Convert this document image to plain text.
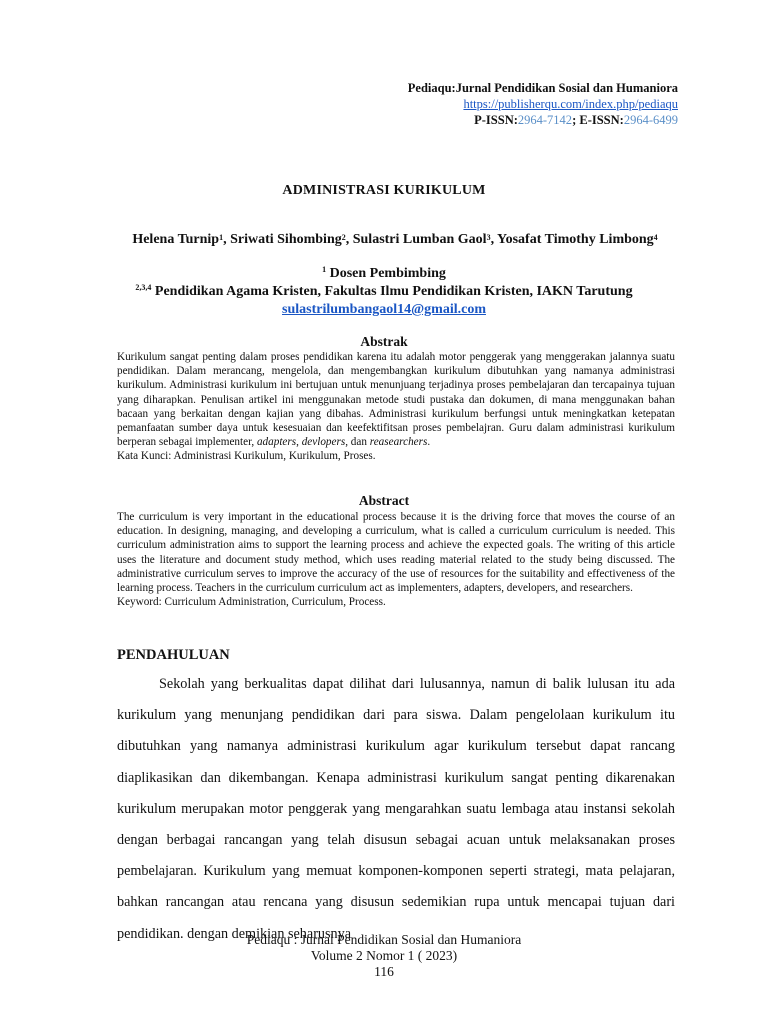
Pediaqu:Jurnal Pendidikan Sosial dan Humaniora
https://publisherqu.com/index.php/pediaqu
P-ISSN:2964-7142; E-ISSN:2964-6499
ADMINISTRASI KURIKULUM
Helena Turnip$^1$, Sriwati Sihombing$^2$, Sulastri Lumban Gaol$^3$, Yosafat Timothy Limbong$^4$
$^1$ Dosen Pembimbing
$^{2,3,4}$ Pendidikan Agama Kristen, Fakultas Ilmu Pendidikan Kristen, IAKN Tarutung
sulastrilumbangaol14@gmail.com
Abstrak

Kurikulum sangat penting dalam proses pendidikan karena itu adalah motor penggerak yang menggerakan jalannya suatu pendidikan. Dalam merancang, mengelola, dan mengembangkan kurikulum dibutuhkan yang namanya administrasi kurikulum. Administrasi kurikulum ini bertujuan untuk menunjuang terjadinya proses pembelajaran dan tercapainya tujuan yang diharapkan. Penulisan artikel ini menggunakan metode studi pustaka dan dokumen, di mana menggunakan bahan bacaan yang berkaitan dengan kajian yang dibahas. Administrasi kurikulum berfungsi untuk meningkatkan ketepatan pemanfaatan sumber daya untuk kesesuaian dan keefektifitsan proses pembelajran. Guru dalam administrasi kurikulum berperan sebagai implementer, adapters, devlopers, dan reasearchers.

Kata Kunci: Administrasi Kurikulum, Kurikulum, Proses.

Abstract

The curriculum is very important in the educational process because it is the driving force that moves the course of an education. In designing, managing, and developing a curriculum, what is called a curriculum curriculum is needed. This curriculum administration aims to support the learning process and achieve the expected goals. The writing of this article uses the literature and document study method, which uses reading material related to the study being discussed. The administrative curriculum serves to improve the accuracy of the use of resources for the suitability and effectiveness of the learning process. Teachers in the curriculum curriculum act as implementers, adapters, developers, and researchers.

Keyword: Curriculum Administration, Curriculum, Process.

PENDAHULUAN

Sekolah yang berkualitas dapat dilihat dari lulusannya, namun di balik lulusan itu ada kurikulum yang menunjang pendidikan dari para siswa. Dalam pengelolaan kurikulum itu dibutuhkan yang namanya administrasi kurikulum agar kurikulum tersebut dapat rancang diaplikasikan dan dikembangan. Kenapa administrasi kurikulum sangat penting dikarenakan kurikulum merupakan motor penggerak yang mengarahkan suatu lembaga atau instansi sekolah dengan berbagai rancangan yang telah disusun sebagai acuan untuk melaksanakan proses pembelajaran. Kurikulum yang memuat komponen-komponen seperti strategi, mata pelajaran, bahkan rancangan atau rencana yang disusun sedemikian rupa untuk mencapai tujuan dari pendidikan. dengan demikian seharusnya

Pediaqu : Jurnal Pendidikan Sosial dan Humaniora
Volume 2 Nomor 1 ( 2023)
116
